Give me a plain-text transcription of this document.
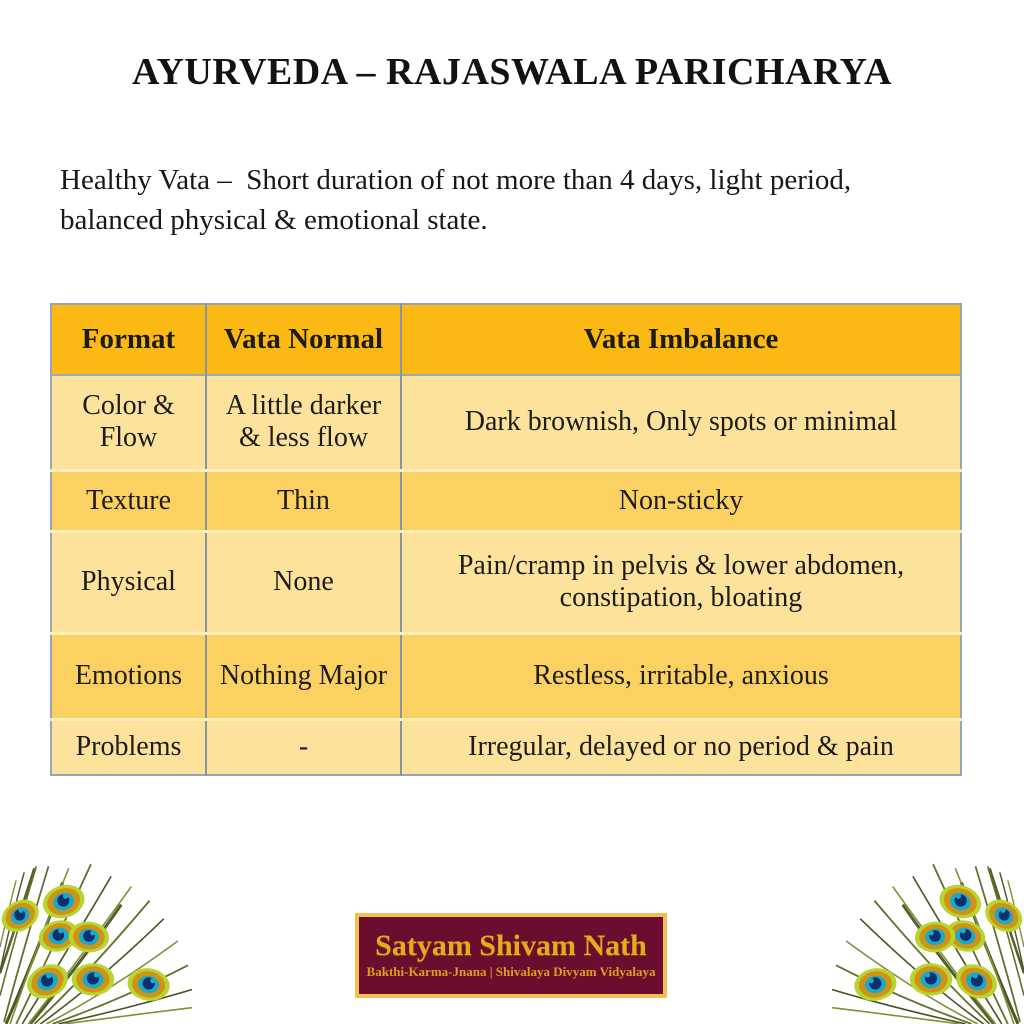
AYURVEDA – RAJASWALA PARICHARYA

Healthy Vata –  Short duration of not more than 4 days, light period, balanced physical & emotional state.

Format	Vata Normal	Vata Imbalance
Color & Flow	A little darker & less flow	Dark brownish, Only spots or minimal
Texture	Thin	Non-sticky
Physical	None	Pain/cramp in pelvis & lower abdomen, constipation, bloating
Emotions	Nothing Major	Restless, irritable, anxious
Problems	-	Irregular, delayed or no period & pain
Satyam Shivam Nath
Bakthi-Karma-Jnana | Shivalaya Divyam Vidyalaya
